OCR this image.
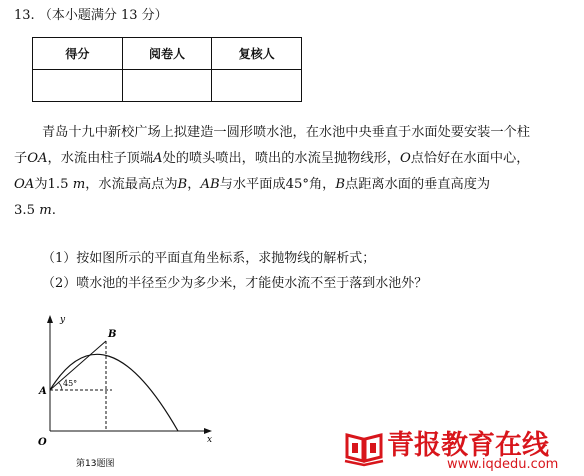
13. （本小题满分 13 分）
得分	阅卷人	复核人

青岛十九中新校广场上拟建造一圆形喷水池，在水池中央垂直于水面处要安装一个柱
子OA，水流由柱子顶端A处的喷头喷出，喷出的水流呈抛物线形，O点恰好在水面中心，
OA为1.5 m，水流最高点为B，AB与水平面成45°角，B点距离水面的垂直高度为
3.5 m.
（1）按如图所示的平面直角坐标系，求抛物线的解析式；
（2）喷水池的半径至少为多少米，才能使水流不至于落到水池外？
y
x
O
A
B
45°
第13题图
青报教育在线
www.iqdedu.com
